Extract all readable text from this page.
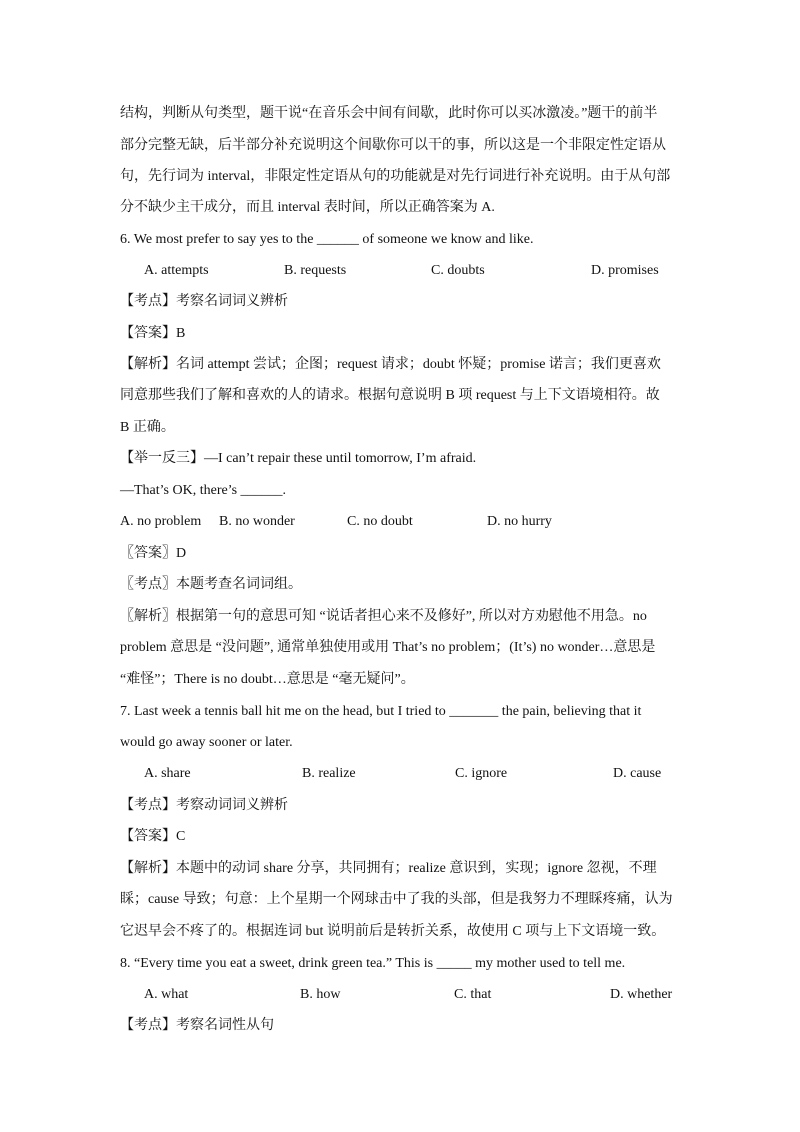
结构，判断从句类型，题干说“在音乐会中间有间歇，此时你可以买冰激凌。”题干的前半
部分完整无缺，后半部分补充说明这个间歇你可以干的事，所以这是一个非限定性定语从
句，先行词为 interval，非限定性定语从句的功能就是对先行词进行补充说明。由于从句部
分不缺少主干成分，而且 interval 表时间，所以正确答案为 A.
6. We most prefer to say yes to the ______ of someone we know and like.
A. attempts	B. requests	C. doubts	D. promises
【考点】考察名词词义辨析
【答案】B
【解析】名词 attempt 尝试；企图；request 请求；doubt 怀疑；promise 诺言；我们更喜欢
同意那些我们了解和喜欢的人的请求。根据句意说明 B 项 request 与上下文语境相符。故
B 正确。
【举一反三】—I can’t repair these until tomorrow, I’m afraid.
—That’s OK, there’s ______.
A. no problem B. no wonder	C. no doubt	D. no hurry
〖答案〗D
〖考点〗本题考查名词词组。
〖解析〗根据第一句的意思可知 “说话者担心来不及修好”, 所以对方劝慰他不用急。no
problem 意思是 “没问题”, 通常单独使用或用 That’s no problem；(It’s) no wonder…意思是
“难怪”；There is no doubt…意思是 “毫无疑问”。
7. Last week a tennis ball hit me on the head, but I tried to _______ the pain, believing that it
would go away sooner or later.
A. share	B. realize	C. ignore	D. cause
【考点】考察动词词义辨析
【答案】C
【解析】本题中的动词 share 分享，共同拥有；realize 意识到，实现；ignore 忽视，不理
睬；cause 导致；句意：上个星期一个网球击中了我的头部，但是我努力不理睬疼痛，认为
它迟早会不疼了的。根据连词 but 说明前后是转折关系，故使用 C 项与上下文语境一致。
8. “Every time you eat a sweet, drink green tea.” This is _____ my mother used to tell me.
A. what	B. how	C. that	D. whether
【考点】考察名词性从句
